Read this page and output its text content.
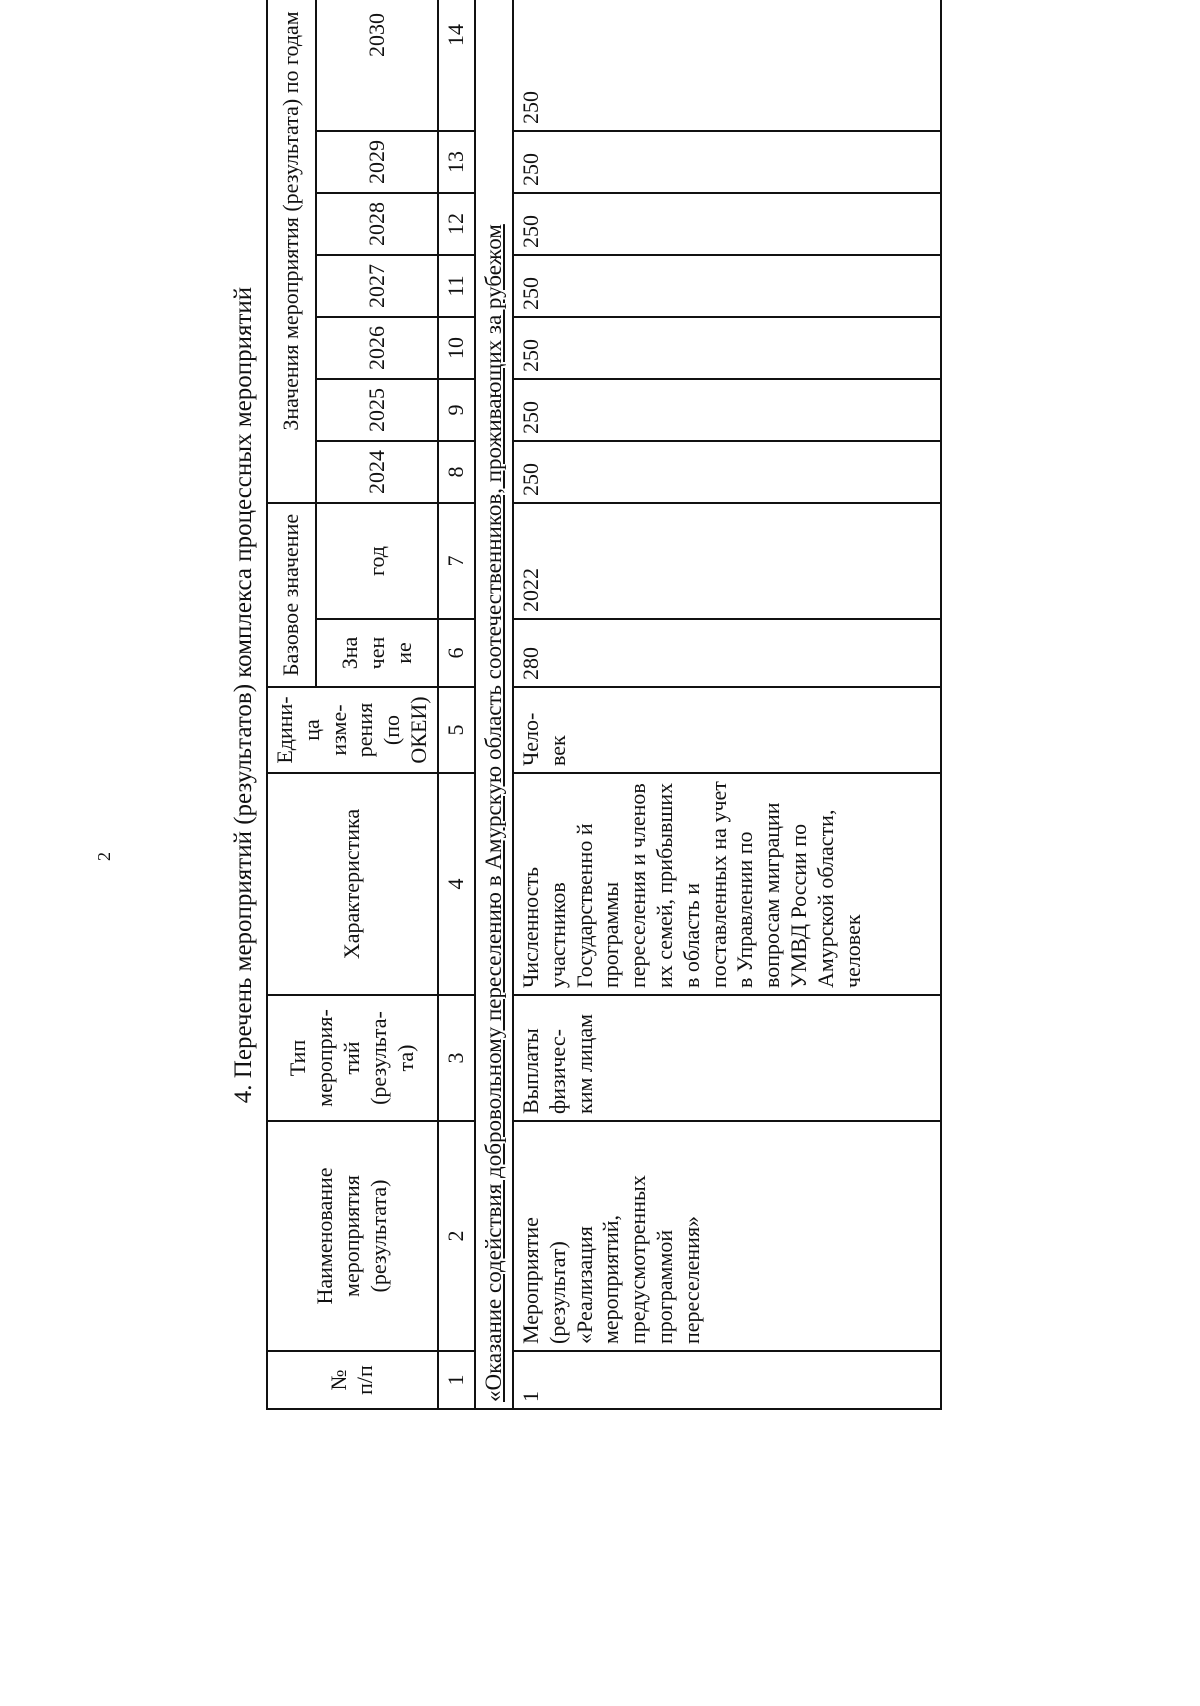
2	4. Перечень мероприятий (результатов) комплекса процессных мероприятий
№ п/п	Наименование мероприятия (результата)	Тип мероприя-тий (результа-та)	Характеристика	Едини-ца изме-рения (по ОКЕИ)	Базовое значение		Значения мероприятия (результата) по годам						
					Зна чен ие	год	2024	2025	2026	2027	2028	2029	2030
1	2	3	4	5	6	7	8	9	10	11	12	13	14
«Оказание содействия добровольному переселению в Амурскую область соотечественников, проживающих за рубежом													
1	Мероприятие (результат) «Реализация мероприятий, предусмотренных программой переселения»	Выплаты физичес-ким лицам	Численность участников Государственно й программы переселения и членов их семей, прибывших в область и поставленных на учет в Управлении по вопросам миграции УМВД России по Амурской области, человек	Чело-век	280	2022	250	250	250	250	250	250	250
